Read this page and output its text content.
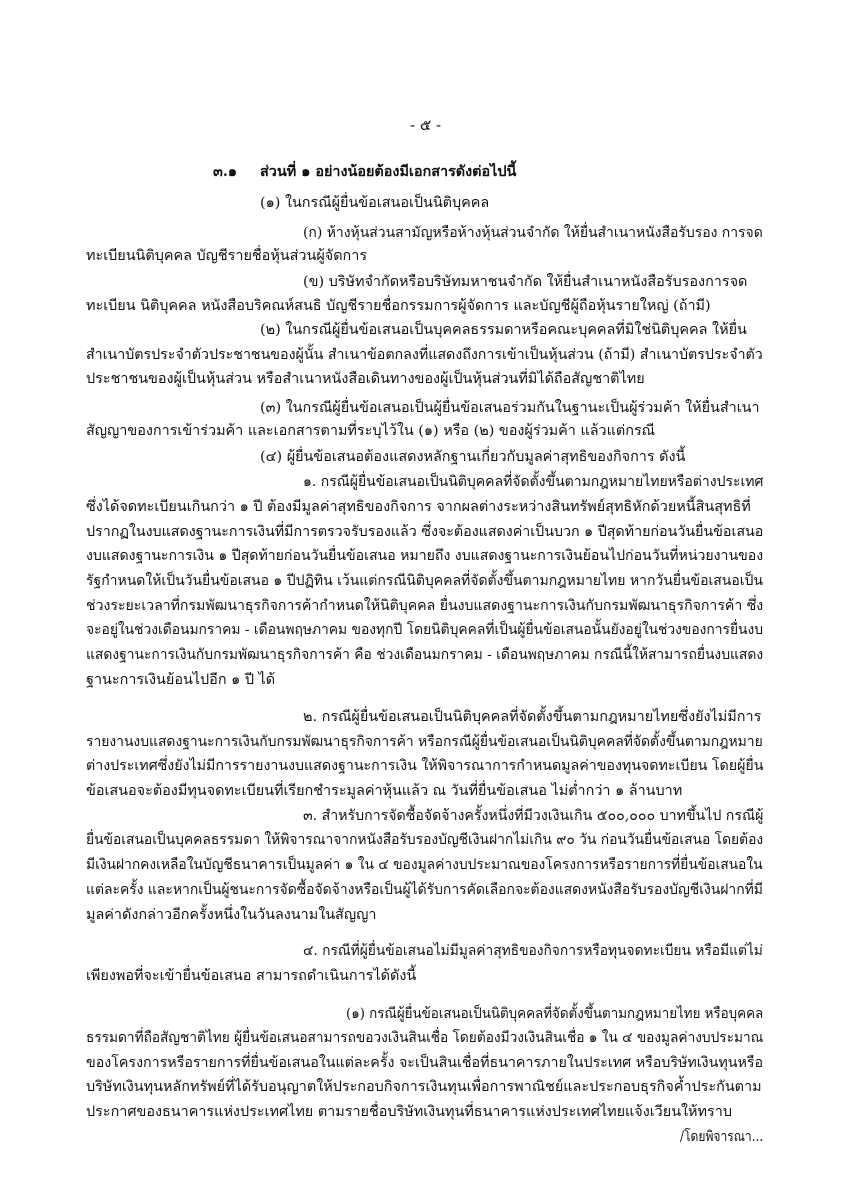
- ๕ -
๓.๑ ส่วนที่ ๑ อย่างน้อยต้องมีเอกสารดังต่อไปนี้
(๑) ในกรณีผู้ยื่นข้อเสนอเป็นนิติบุคคล
(ก) ห้างหุ้นส่วนสามัญหรือห้างหุ้นส่วนจำกัด ให้ยื่นสำเนาหนังสือรับรอง การจด
ทะเบียนนิติบุคคล บัญชีรายชื่อหุ้นส่วนผู้จัดการ
(ข) บริษัทจำกัดหรือบริษัทมหาชนจำกัด ให้ยื่นสำเนาหนังสือรับรองการจด
ทะเบียน นิติบุคคล หนังสือบริคณห์สนธิ บัญชีรายชื่อกรรมการผู้จัดการ และบัญชีผู้ถือหุ้นรายใหญ่ (ถ้ามี)
(๒) ในกรณีผู้ยื่นข้อเสนอเป็นบุคคลธรรมดาหรือคณะบุคคลที่มิใช่นิติบุคคล ให้ยื่น
สำเนาบัตรประจำตัวประชาชนของผู้นั้น สำเนาข้อตกลงที่แสดงถึงการเข้าเป็นหุ้นส่วน (ถ้ามี) สำเนาบัตรประจำตัว
ประชาชนของผู้เป็นหุ้นส่วน หรือสำเนาหนังสือเดินทางของผู้เป็นหุ้นส่วนที่มิได้ถือสัญชาติไทย
(๓) ในกรณีผู้ยื่นข้อเสนอเป็นผู้ยื่นข้อเสนอร่วมกันในฐานะเป็นผู้ร่วมค้า ให้ยื่นสำเนา
สัญญาของการเข้าร่วมค้า และเอกสารตามที่ระบุไว้ใน (๑) หรือ (๒) ของผู้ร่วมค้า แล้วแต่กรณี
(๔) ผู้ยื่นข้อเสนอต้องแสดงหลักฐานเกี่ยวกับมูลค่าสุทธิของกิจการ ดังนี้
๑. กรณีผู้ยื่นข้อเสนอเป็นนิติบุคคลที่จัดตั้งขึ้นตามกฎหมายไทยหรือต่างประเทศ
ซึ่งได้จดทะเบียนเกินกว่า ๑ ปี ต้องมีมูลค่าสุทธิของกิจการ จากผลต่างระหว่างสินทรัพย์สุทธิหักด้วยหนี้สินสุทธิที่
ปรากฏในงบแสดงฐานะการเงินที่มีการตรวจรับรองแล้ว ซึ่งจะต้องแสดงค่าเป็นบวก ๑ ปีสุดท้ายก่อนวันยื่นข้อเสนอ
งบแสดงฐานะการเงิน ๑ ปีสุดท้ายก่อนวันยื่นข้อเสนอ หมายถึง งบแสดงฐานะการเงินย้อนไปก่อนวันที่หน่วยงานของ
รัฐกำหนดให้เป็นวันยื่นข้อเสนอ ๑ ปีปฏิทิน เว้นแต่กรณีนิติบุคคลที่จัดตั้งขึ้นตามกฎหมายไทย หากวันยื่นข้อเสนอเป็น
ช่วงระยะเวลาที่กรมพัฒนาธุรกิจการค้ากำหนดให้นิติบุคคล ยื่นงบแสดงฐานะการเงินกับกรมพัฒนาธุรกิจการค้า ซึ่ง
จะอยู่ในช่วงเดือนมกราคม - เดือนพฤษภาคม ของทุกปี โดยนิติบุคคลที่เป็นผู้ยื่นข้อเสนอนั้นยังอยู่ในช่วงของการยื่นงบ
แสดงฐานะการเงินกับกรมพัฒนาธุรกิจการค้า คือ ช่วงเดือนมกราคม - เดือนพฤษภาคม กรณีนี้ให้สามารถยื่นงบแสดง
ฐานะการเงินย้อนไปอีก ๑ ปี ได้
๒. กรณีผู้ยื่นข้อเสนอเป็นนิติบุคคลที่จัดตั้งขึ้นตามกฎหมายไทยซึ่งยังไม่มีการ
รายงานงบแสดงฐานะการเงินกับกรมพัฒนาธุรกิจการค้า หรือกรณีผู้ยื่นข้อเสนอเป็นนิติบุคคลที่จัดตั้งขึ้นตามกฎหมาย
ต่างประเทศซึ่งยังไม่มีการรายงานงบแสดงฐานะการเงิน ให้พิจารณาการกำหนดมูลค่าของทุนจดทะเบียน โดยผู้ยื่น
ข้อเสนอจะต้องมีทุนจดทะเบียนที่เรียกชำระมูลค่าหุ้นแล้ว ณ วันที่ยื่นข้อเสนอ ไม่ต่ำกว่า ๑ ล้านบาท
๓. สำหรับการจัดซื้อจัดจ้างครั้งหนึ่งที่มีวงเงินเกิน ๕๐๐,๐๐๐ บาทขึ้นไป กรณีผู้
ยื่นข้อเสนอเป็นบุคคลธรรมดา ให้พิจารณาจากหนังสือรับรองบัญชีเงินฝากไม่เกิน ๙๐ วัน ก่อนวันยื่นข้อเสนอ โดยต้อง
มีเงินฝากคงเหลือในบัญชีธนาคารเป็นมูลค่า ๑ ใน ๔ ของมูลค่างบประมาณของโครงการหรือรายการที่ยื่นข้อเสนอใน
แต่ละครั้ง และหากเป็นผู้ชนะการจัดซื้อจัดจ้างหรือเป็นผู้ได้รับการคัดเลือกจะต้องแสดงหนังสือรับรองบัญชีเงินฝากที่มี
มูลค่าดังกล่าวอีกครั้งหนึ่งในวันลงนามในสัญญา
๔. กรณีที่ผู้ยื่นข้อเสนอไม่มีมูลค่าสุทธิของกิจการหรือทุนจดทะเบียน หรือมีแต่ไม่
เพียงพอที่จะเข้ายื่นข้อเสนอ สามารถดำเนินการได้ดังนี้
(๑) กรณีผู้ยื่นข้อเสนอเป็นนิติบุคคลที่จัดตั้งขึ้นตามกฎหมายไทย หรือบุคคล
ธรรมดาที่ถือสัญชาติไทย ผู้ยื่นข้อเสนอสามารถขอวงเงินสินเชื่อ โดยต้องมีวงเงินสินเชื่อ ๑ ใน ๔ ของมูลค่างบประมาณ
ของโครงการหรือรายการที่ยื่นข้อเสนอในแต่ละครั้ง จะเป็นสินเชื่อที่ธนาคารภายในประเทศ หรือบริษัทเงินทุนหรือ
บริษัทเงินทุนหลักทรัพย์ที่ได้รับอนุญาตให้ประกอบกิจการเงินทุนเพื่อการพาณิชย์และประกอบธุรกิจค้ำประกันตาม
ประกาศของธนาคารแห่งประเทศไทย ตามรายชื่อบริษัทเงินทุนที่ธนาคารแห่งประเทศไทยแจ้งเวียนให้ทราบ
/โดยพิจารณา...
